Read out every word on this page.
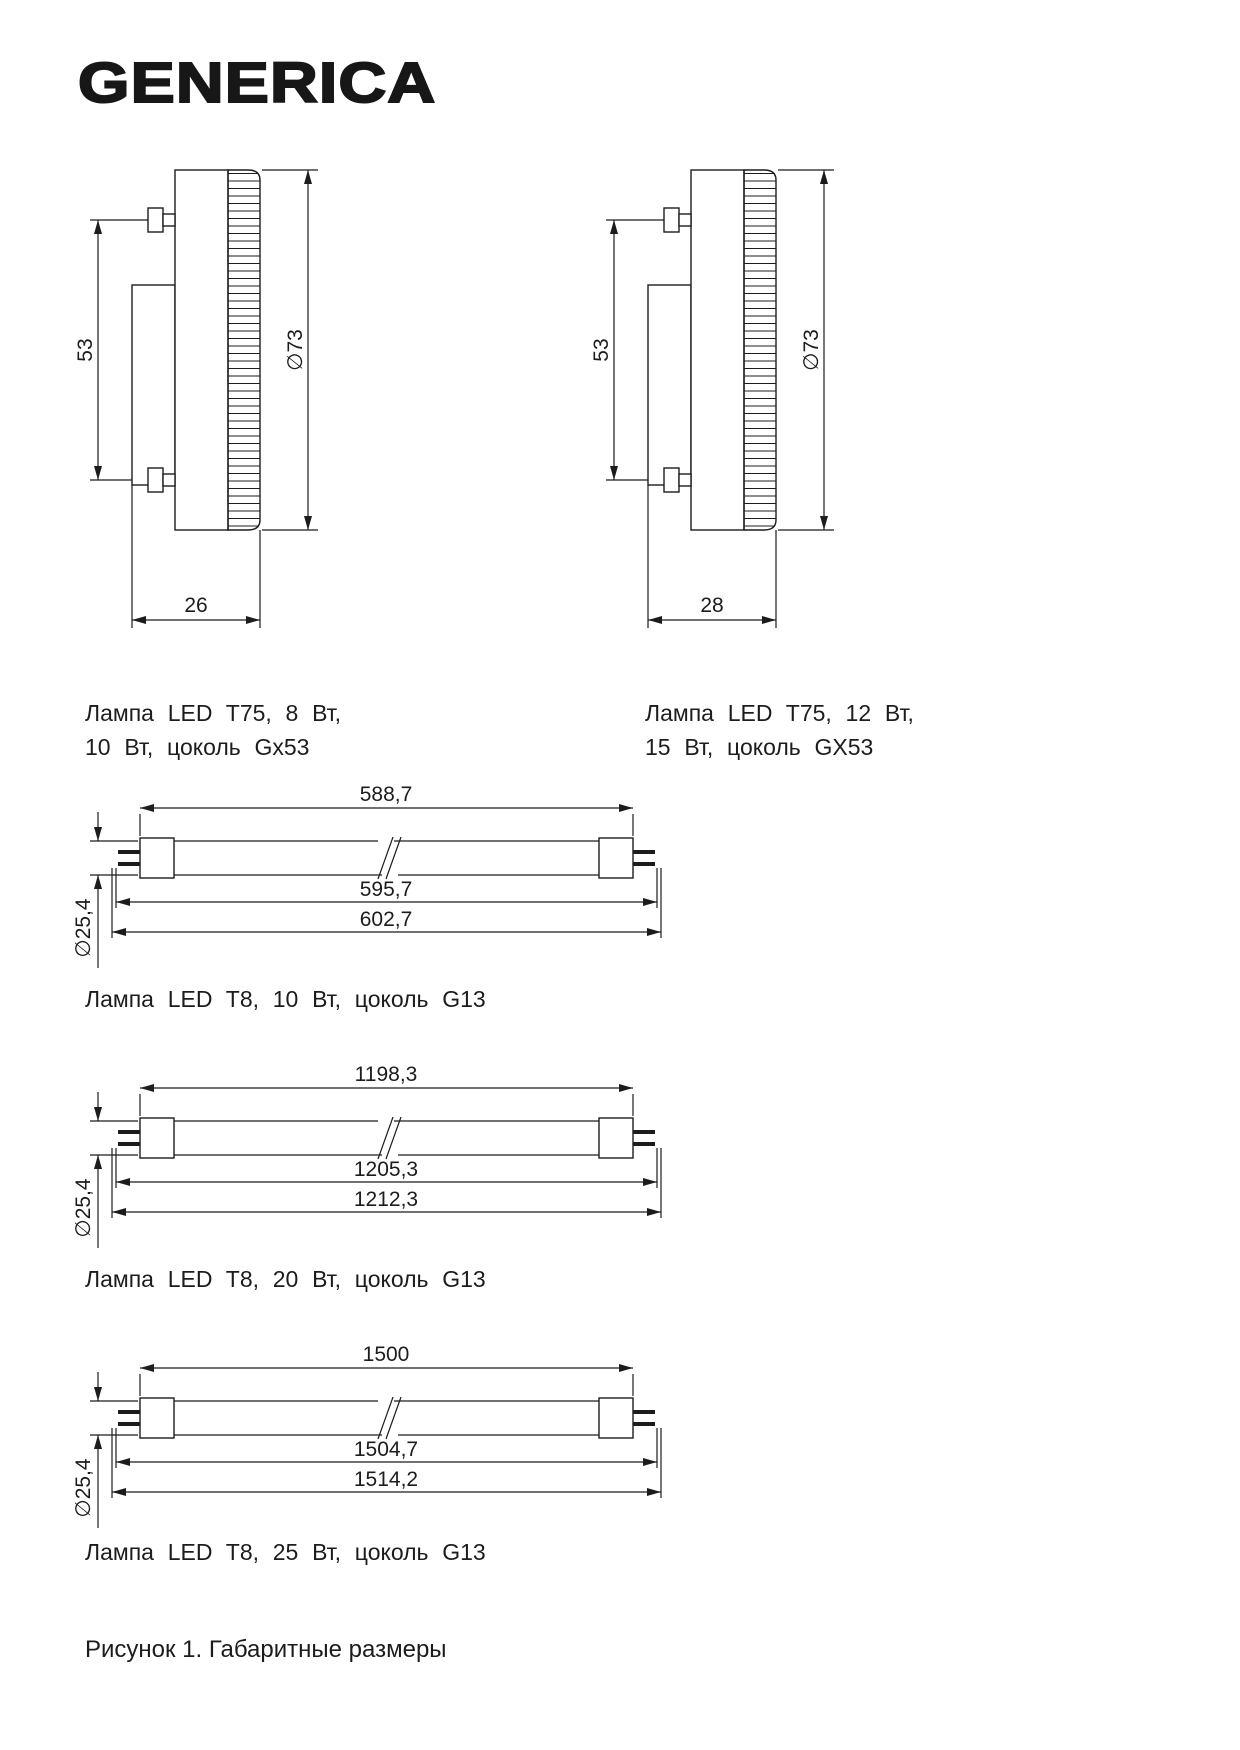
GENERICA
53	∅73
26
53	∅73
28
Лампа LED T75, 8 Вт,
10 Вт, цоколь Gx53
Лампа LED T75, 12 Вт,
15 Вт, цоколь GX53
588,7
595,7
602,7
∅25,4
Лампа LED T8, 10 Вт, цоколь G13
1198,3
1205,3
1212,3
∅25,4
Лампа LED T8, 20 Вт, цоколь G13
1500
1504,7
1514,2
∅25,4
Лампа LED T8, 25 Вт, цоколь G13
Рисунок 1. Габаритные размеры
